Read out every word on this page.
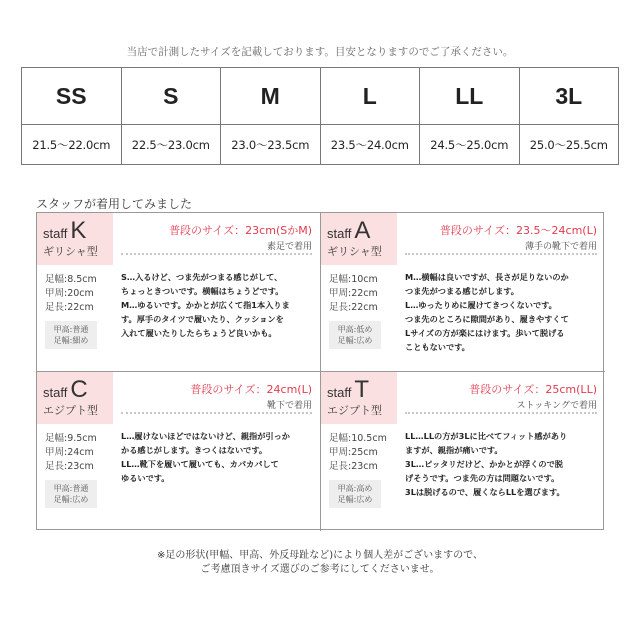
当店で計測したサイズを記載しております。目安となりますのでご了承ください。
SS	S	M	L	LL	3L
21.5〜22.0cm	22.5〜23.0cm	23.0〜23.5cm	23.5〜24.0cm	24.5〜25.0cm	25.0〜25.5cm
スタッフが着用してみました
staff K
ギリシャ型
普段のサイズ：23cm(SかM)
素足で着用
足幅:8.5cm
甲周:20cm
足長:22cm
甲高:普通
足幅:細め

S…入るけど、つま先がつまる感じがして、

ちょっときついです。横幅はちょうどです。

M…ゆるいです。かかとが広くて指1本入りま

す。厚手のタイツで履いたり、クッションを

入れて履いたりしたらちょうど良いかも。

staff A
ギリシャ型
普段のサイズ：23.5〜24cm(L)
薄手の靴下で着用
足幅:10cm
甲周:22cm
足長:22cm
甲高:低め
足幅:広め

M…横幅は良いですが、長さが足りないのか

つま先がつまる感じがします。

L…ゆったりめに履けてきつくないです。

つま先のところに隙間があり、履きやすくて

Lサイズの方が楽にはけます。歩いて脱げる

こともないです。

staff C
エジプト型
普段のサイズ：24cm(L)
靴下で着用
足幅:9.5cm
甲周:24cm
足長:23cm
甲高:普通
足幅:広め

L…履けないほどではないけど、親指が引っか

かる感じがします。きつくはないです。

LL…靴下を履いて履いても、カパカパして

ゆるいです。

staff T
エジプト型
普段のサイズ：25cm(LL)
ストッキングで着用
足幅:10.5cm
甲周:25cm
足長:23cm
甲高:高め
足幅:広め

LL…LLの方が3Lに比べてフィット感があり

ますが、親指が痛いです。

3L…ピッタリだけど、かかとが浮くので脱

げそうです。つま先の方は問題ないです。

3Lは脱げるので、履くならLLを選びます。

※足の形状(甲幅、甲高、外反母趾など)により個人差がございますので、
ご考慮頂きサイズ選びのご参考にしてくださいませ。
